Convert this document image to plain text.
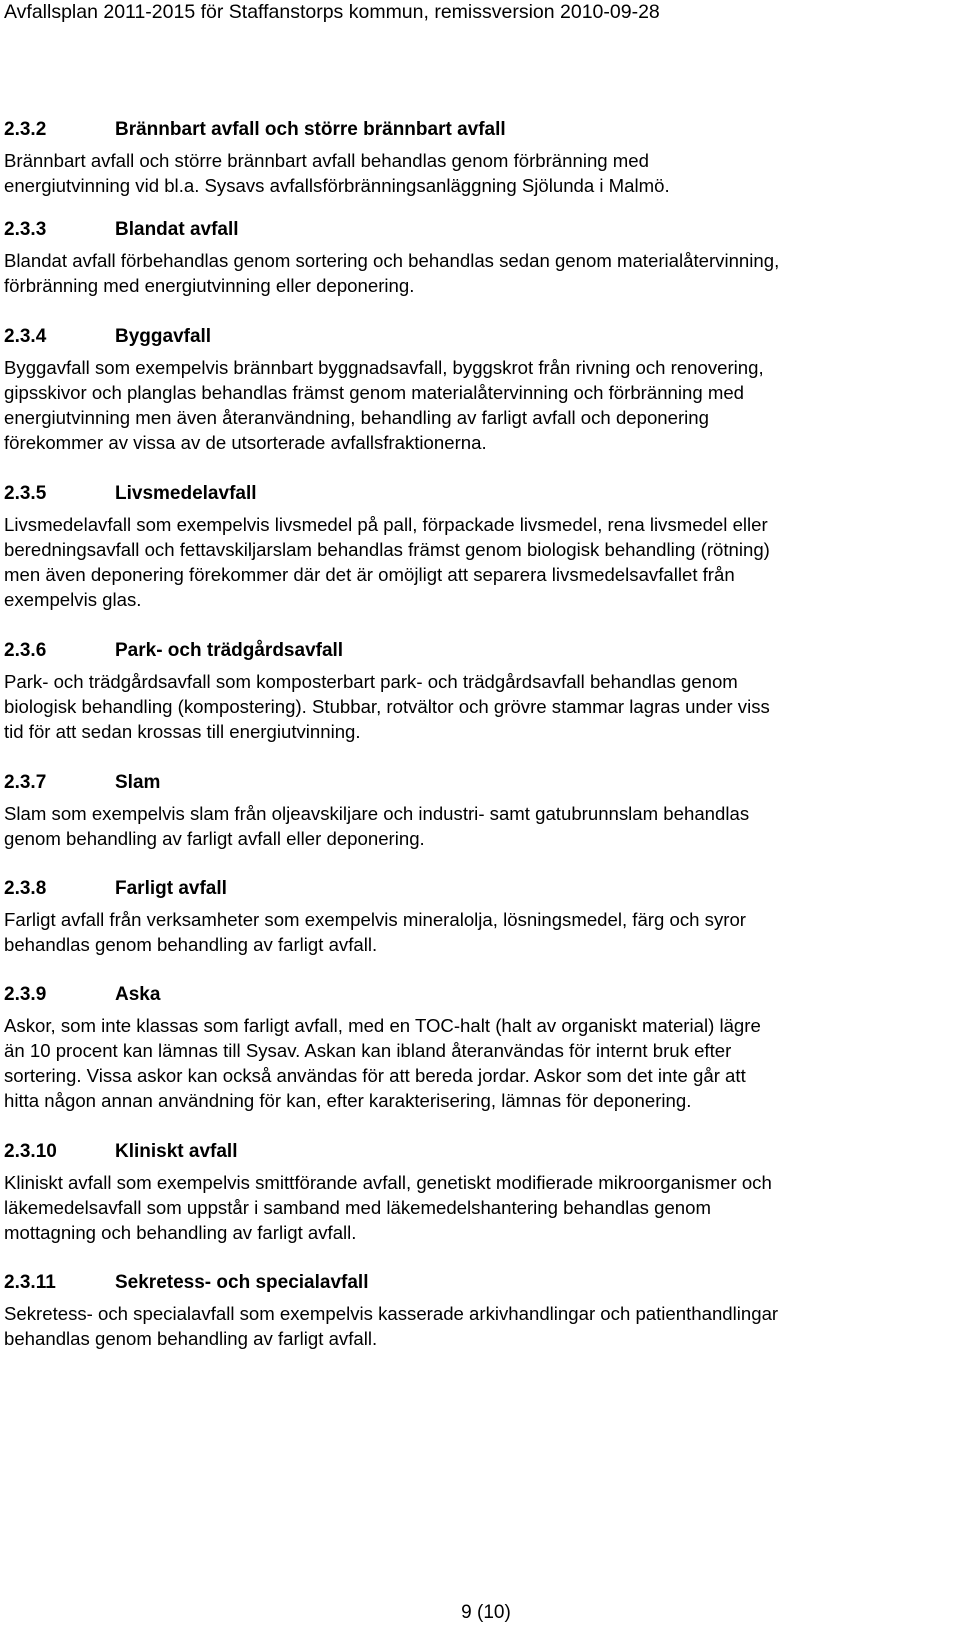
Avfallsplan 2011-2015 för Staffanstorps kommun, remissversion 2010-09-28
2.3.2	Brännbart avfall och större brännbart avfall

Brännbart avfall och större brännbart avfall behandlas genom förbränning med
energiutvinning vid bl.a. Sysavs avfallsförbränningsanläggning Sjölunda i Malmö.

2.3.3	Blandat avfall

Blandat avfall förbehandlas genom sortering och behandlas sedan genom materialåtervinning,
förbränning med energiutvinning eller deponering.

2.3.4	Byggavfall

Byggavfall som exempelvis brännbart byggnadsavfall, byggskrot från rivning och renovering,
gipsskivor och planglas behandlas främst genom materialåtervinning och förbränning med
energiutvinning men även återanvändning, behandling av farligt avfall och deponering
förekommer av vissa av de utsorterade avfallsfraktionerna.

2.3.5	Livsmedelavfall

Livsmedelavfall som exempelvis livsmedel på pall, förpackade livsmedel, rena livsmedel eller
beredningsavfall och fettavskiljarslam behandlas främst genom biologisk behandling (rötning)
men även deponering förekommer där det är omöjligt att separera livsmedelsavfallet från
exempelvis glas.

2.3.6	Park- och trädgårdsavfall

Park- och trädgårdsavfall som komposterbart park- och trädgårdsavfall behandlas genom
biologisk behandling (kompostering). Stubbar, rotvältor och grövre stammar lagras under viss
tid för att sedan krossas till energiutvinning.

2.3.7	Slam

Slam som exempelvis slam från oljeavskiljare och industri- samt gatubrunnslam behandlas
genom behandling av farligt avfall eller deponering.

2.3.8	Farligt avfall

Farligt avfall från verksamheter som exempelvis mineralolja, lösningsmedel, färg och syror
behandlas genom behandling av farligt avfall.

2.3.9	Aska

Askor, som inte klassas som farligt avfall, med en TOC-halt (halt av organiskt material) lägre
än 10 procent kan lämnas till Sysav. Askan kan ibland återanvändas för internt bruk efter
sortering. Vissa askor kan också användas för att bereda jordar. Askor som det inte går att
hitta någon annan användning för kan, efter karakterisering, lämnas för deponering.

2.3.10	Kliniskt avfall

Kliniskt avfall som exempelvis smittförande avfall, genetiskt modifierade mikroorganismer och
läkemedelsavfall som uppstår i samband med läkemedelshantering behandlas genom
mottagning och behandling av farligt avfall.

2.3.11	Sekretess- och specialavfall

Sekretess- och specialavfall som exempelvis kasserade arkivhandlingar och patienthandlingar
behandlas genom behandling av farligt avfall.

9 (10)
